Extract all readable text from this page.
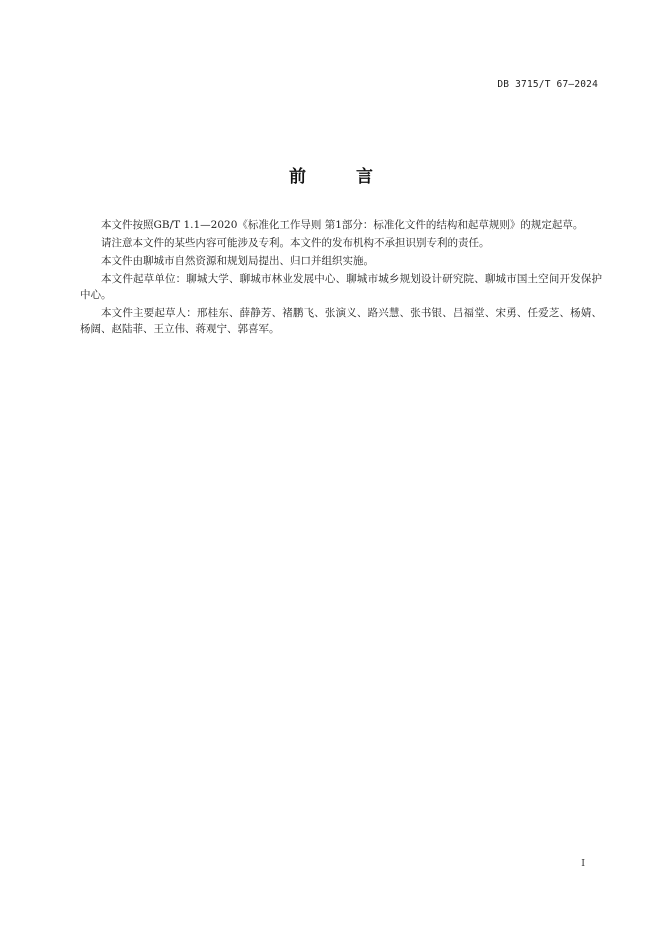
DB 3715/T 67—2024
前 言

本文件按照GB/T 1.1—2020《标准化工作导则 第1部分：标准化文件的结构和起草规则》的规定起草。

请注意本文件的某些内容可能涉及专利。本文件的发布机构不承担识别专利的责任。

本文件由聊城市自然资源和规划局提出、归口并组织实施。

本文件起草单位：聊城大学、聊城市林业发展中心、聊城市城乡规划设计研究院、聊城市国土空间开发保护中心。

本文件主要起草人：邢桂东、薛静芳、褚鹏飞、张演义、路兴慧、张书银、吕福堂、宋勇、任爱芝、杨婧、杨阔、赵陆菲、王立伟、蒋观宁、郭喜军。

I
